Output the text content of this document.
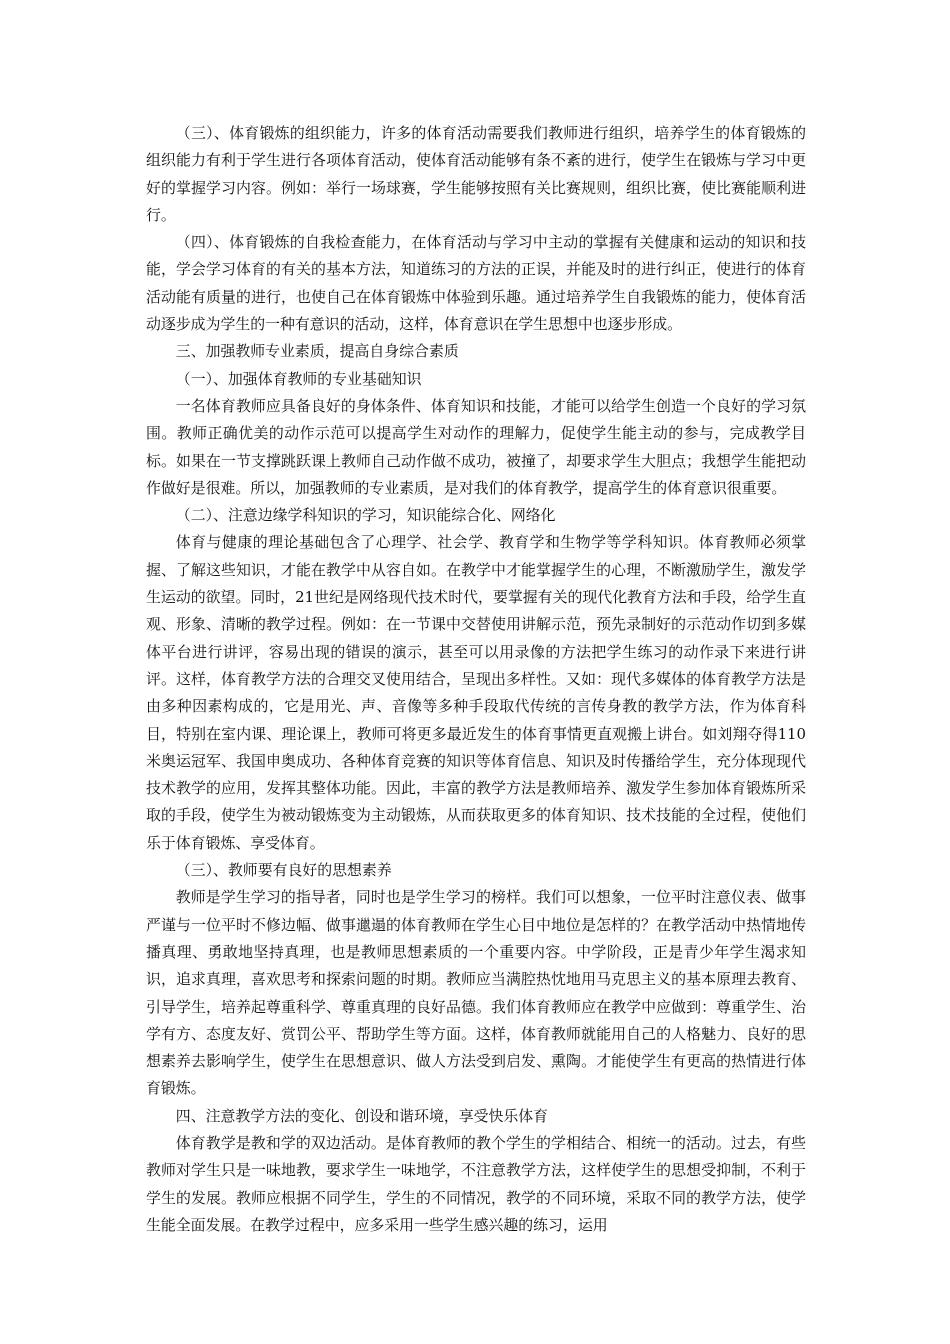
（三）、体育锻炼的组织能力，许多的体育活动需要我们教师进行组织，培养学生的体育锻炼的组织能力有利于学生进行各项体育活动，使体育活动能够有条不紊的进行，使学生在锻炼与学习中更好的掌握学习内容。例如：举行一场球赛，学生能够按照有关比赛规则，组织比赛，使比赛能顺利进行。

（四）、体育锻炼的自我检查能力，在体育活动与学习中主动的掌握有关健康和运动的知识和技能，学会学习体育的有关的基本方法，知道练习的方法的正误，并能及时的进行纠正，使进行的体育活动能有质量的进行，也使自己在体育锻炼中体验到乐趣。通过培养学生自我锻炼的能力，使体育活动逐步成为学生的一种有意识的活动，这样，体育意识在学生思想中也逐步形成。

三、加强教师专业素质，提高自身综合素质

（一）、加强体育教师的专业基础知识

一名体育教师应具备良好的身体条件、体育知识和技能，才能可以给学生创造一个良好的学习氛围。教师正确优美的动作示范可以提高学生对动作的理解力，促使学生能主动的参与，完成教学目标。如果在一节支撑跳跃课上教师自己动作做不成功，被撞了，却要求学生大胆点；我想学生能把动作做好是很难。所以，加强教师的专业素质，是对我们的体育教学，提高学生的体育意识很重要。

（二）、注意边缘学科知识的学习，知识能综合化、网络化

体育与健康的理论基础包含了心理学、社会学、教育学和生物学等学科知识。体育教师必须掌握、了解这些知识，才能在教学中从容自如。在教学中才能掌握学生的心理，不断激励学生，激发学生运动的欲望。同时，21世纪是网络现代技术时代，要掌握有关的现代化教育方法和手段，给学生直观、形象、清晰的教学过程。例如：在一节课中交替使用讲解示范，预先录制好的示范动作切到多媒体平台进行讲评，容易出现的错误的演示，甚至可以用录像的方法把学生练习的动作录下来进行讲评。这样，体育教学方法的合理交叉使用结合，呈现出多样性。又如：现代多媒体的体育教学方法是由多种因素构成的，它是用光、声、音像等多种手段取代传统的言传身教的教学方法，作为体育科目，特别在室内课、理论课上，教师可将更多最近发生的体育事情更直观搬上讲台。如刘翔夺得110米奥运冠军、我国申奥成功、各种体育竞赛的知识等体育信息、知识及时传播给学生，充分体现现代技术教学的应用，发挥其整体功能。因此，丰富的教学方法是教师培养、激发学生参加体育锻炼所采取的手段，使学生为被动锻炼变为主动锻炼，从而获取更多的体育知识、技术技能的全过程，使他们乐于体育锻炼、享受体育。

（三）、教师要有良好的思想素养

教师是学生学习的指导者，同时也是学生学习的榜样。我们可以想象，一位平时注意仪表、做事严谨与一位平时不修边幅、做事邋遢的体育教师在学生心目中地位是怎样的？在教学活动中热情地传播真理、勇敢地坚持真理，也是教师思想素质的一个重要内容。中学阶段，正是青少年学生渴求知识，追求真理，喜欢思考和探索问题的时期。教师应当满腔热忱地用马克思主义的基本原理去教育、引导学生，培养起尊重科学、尊重真理的良好品德。我们体育教师应在教学中应做到：尊重学生、治学有方、态度友好、赏罚公平、帮助学生等方面。这样，体育教师就能用自己的人格魅力、良好的思想素养去影响学生，使学生在思想意识、做人方法受到启发、熏陶。才能使学生有更高的热情进行体育锻炼。

四、注意教学方法的变化、创设和谐环境，享受快乐体育

体育教学是教和学的双边活动。是体育教师的教个学生的学相结合、相统一的活动。过去，有些教师对学生只是一味地教，要求学生一味地学，不注意教学方法，这样使学生的思想受抑制，不利于学生的发展。教师应根据不同学生，学生的不同情况，教学的不同环境，采取不同的教学方法，使学生能全面发展。在教学过程中，应多采用一些学生感兴趣的练习，运用
